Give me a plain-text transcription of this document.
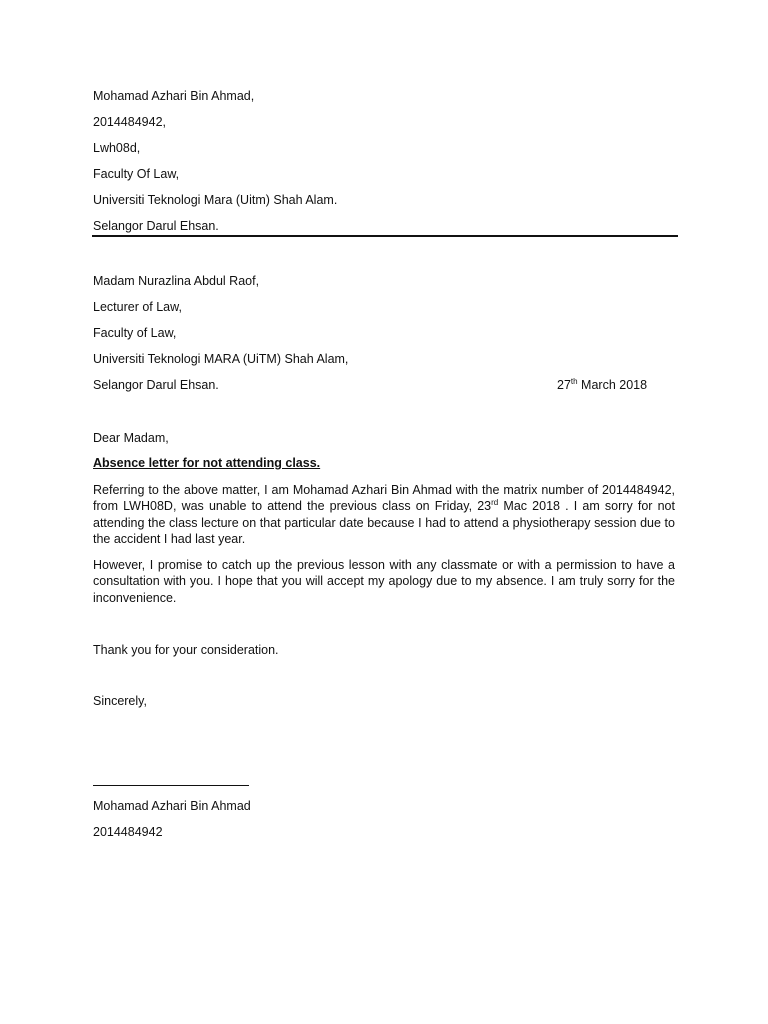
Mohamad Azhari Bin Ahmad,
2014484942,
Lwh08d,
Faculty Of Law,
Universiti Teknologi Mara (Uitm) Shah Alam.
Selangor Darul Ehsan.
Madam Nurazlina Abdul Raof,
Lecturer of Law,
Faculty of Law,
Universiti Teknologi MARA (UiTM) Shah Alam,
Selangor Darul Ehsan.	27th March 2018
Dear Madam,
Absence letter for not attending class.
Referring to the above matter, I am Mohamad Azhari Bin Ahmad with the matrix number of 2014484942, from LWH08D, was unable to attend the previous class on Friday, 23rd Mac 2018 . I am sorry for not attending the class lecture on that particular date because I had to attend a physiotherapy session due to the accident I had last year.
However, I promise to catch up the previous lesson with any classmate or with a permission to have a consultation with you. I hope that you will accept my apology due to my absence. I am truly sorry for the inconvenience.
Thank you for your consideration.
Sincerely,
Mohamad Azhari Bin Ahmad
2014484942
